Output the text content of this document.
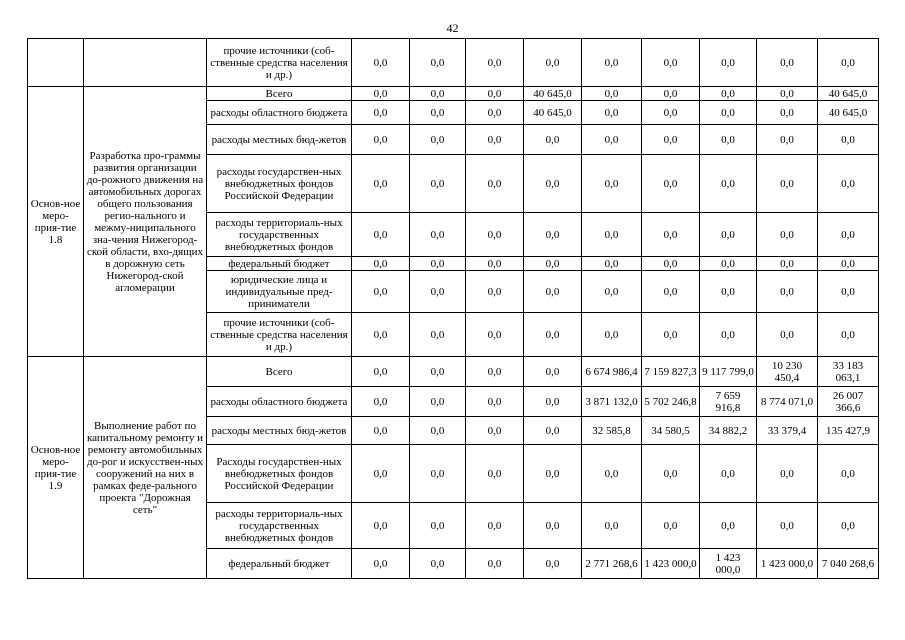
42
		прочие источники (соб-ственные средства населения и др.)	0,0	0,0	0,0	0,0	0,0	0,0	0,0	0,0	0,0
Основ-ное меро-прия-тие 1.8	Разработка про-граммы развития организации до-рожного движения на автомобильных дорогах общего пользования регио-нального и межму-ниципального зна-чения Нижегород-ской области, вхо-дящих в дорожную сеть Нижегород-ской агломерации	Всего	0,0	0,0	0,0	40 645,0	0,0	0,0	0,0	0,0	40 645,0
		расходы областного бюджета	0,0	0,0	0,0	40 645,0	0,0	0,0	0,0	0,0	40 645,0
		расходы местных бюд-жетов	0,0	0,0	0,0	0,0	0,0	0,0	0,0	0,0	0,0
		расходы государствен-ных внебюджетных фондов Российской Федерации	0,0	0,0	0,0	0,0	0,0	0,0	0,0	0,0	0,0
		расходы территориаль-ных государственных внебюджетных фондов	0,0	0,0	0,0	0,0	0,0	0,0	0,0	0,0	0,0
		федеральный бюджет	0,0	0,0	0,0	0,0	0,0	0,0	0,0	0,0	0,0
		юридические лица и индивидуальные пред-приниматели	0,0	0,0	0,0	0,0	0,0	0,0	0,0	0,0	0,0
		прочие источники (соб-ственные средства населения и др.)	0,0	0,0	0,0	0,0	0,0	0,0	0,0	0,0	0,0
Основ-ное меро-прия-тие 1.9	Выполнение работ по капитальному ремонту и ремонту автомобильных до-рог и искусствен-ных сооружений на них в рамках феде-рального проекта "Дорожная сеть"	Всего	0,0	0,0	0,0	0,0	6 674 986,4	7 159 827,3	9 117 799,0	10 230 450,4	33 183 063,1
		расходы областного бюджета	0,0	0,0	0,0	0,0	3 871 132,0	5 702 246,8	7 659 916,8	8 774 071,0	26 007 366,6
		расходы местных бюд-жетов	0,0	0,0	0,0	0,0	32 585,8	34 580,5	34 882,2	33 379,4	135 427,9
		Расходы государствен-ных внебюджетных фондов Российской Федерации	0,0	0,0	0,0	0,0	0,0	0,0	0,0	0,0	0,0
		расходы территориаль-ных государственных внебюджетных фондов	0,0	0,0	0,0	0,0	0,0	0,0	0,0	0,0	0,0
		федеральный бюджет	0,0	0,0	0,0	0,0	2 771 268,6	1 423 000,0	1 423 000,0	1 423 000,0	7 040 268,6
